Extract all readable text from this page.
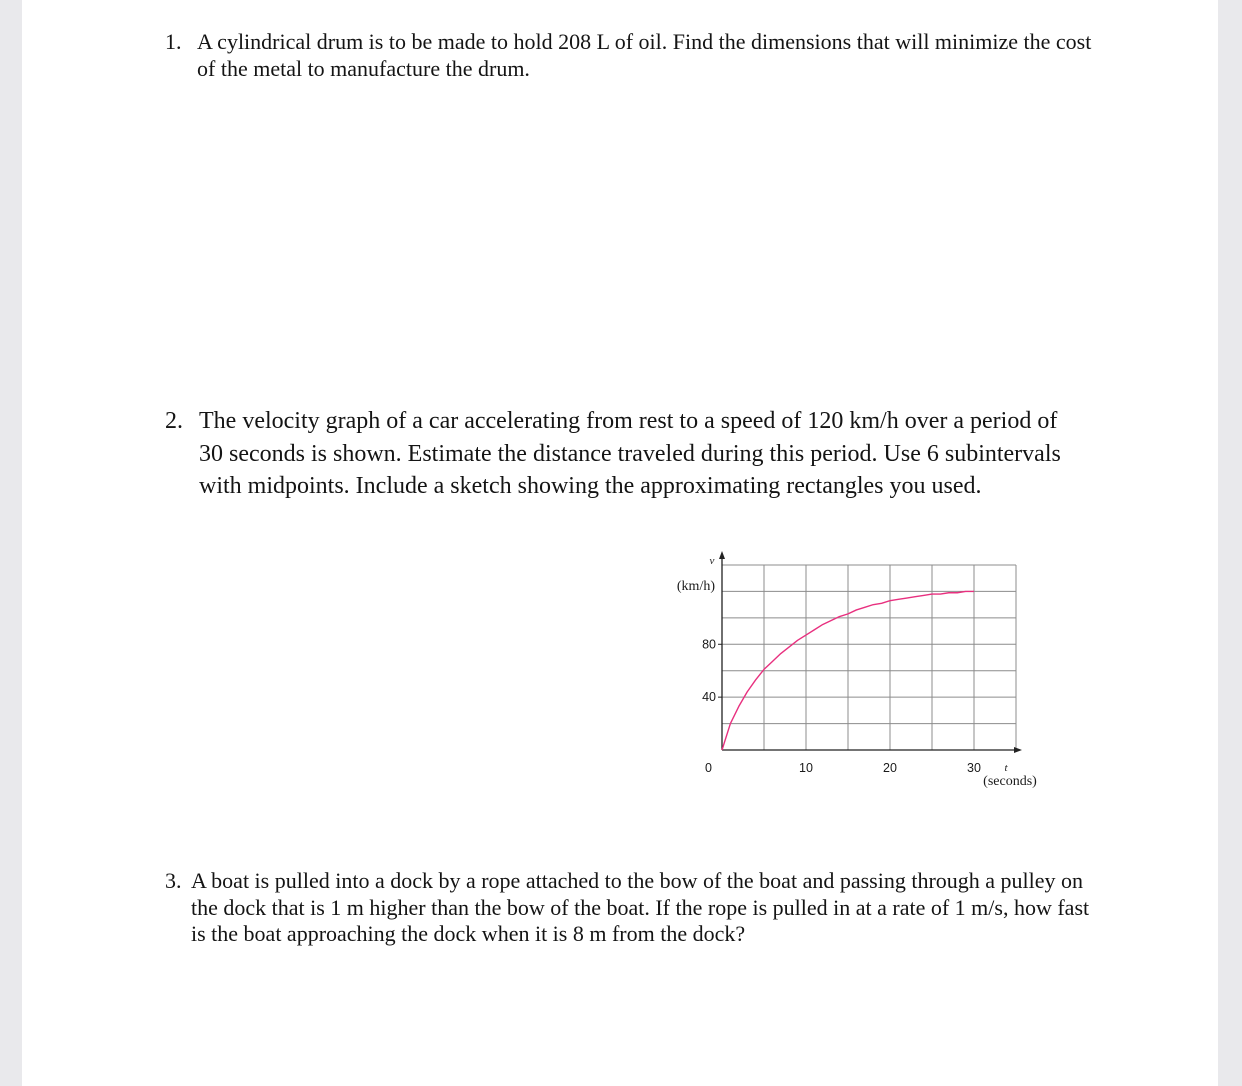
1. A cylindrical drum is to be made to hold 208 L of oil. Find the dimensions that will minimize the cost of the metal to manufacture the drum.

2. The velocity graph of a car accelerating from rest to a speed of 120 km/h over a period of 30 seconds is shown. Estimate the distance traveled during this period. Use 6 subintervals with midpoints. Include a sketch showing the approximating rectangles you used.

40
80
0	10	20	30
v
(km/h)
t
(seconds)
3. A boat is pulled into a dock by a rope attached to the bow of the boat and passing through a pulley on the dock that is 1 m higher than the bow of the boat. If the rope is pulled in at a rate of 1 m/s, how fast is the boat approaching the dock when it is 8 m from the dock?
